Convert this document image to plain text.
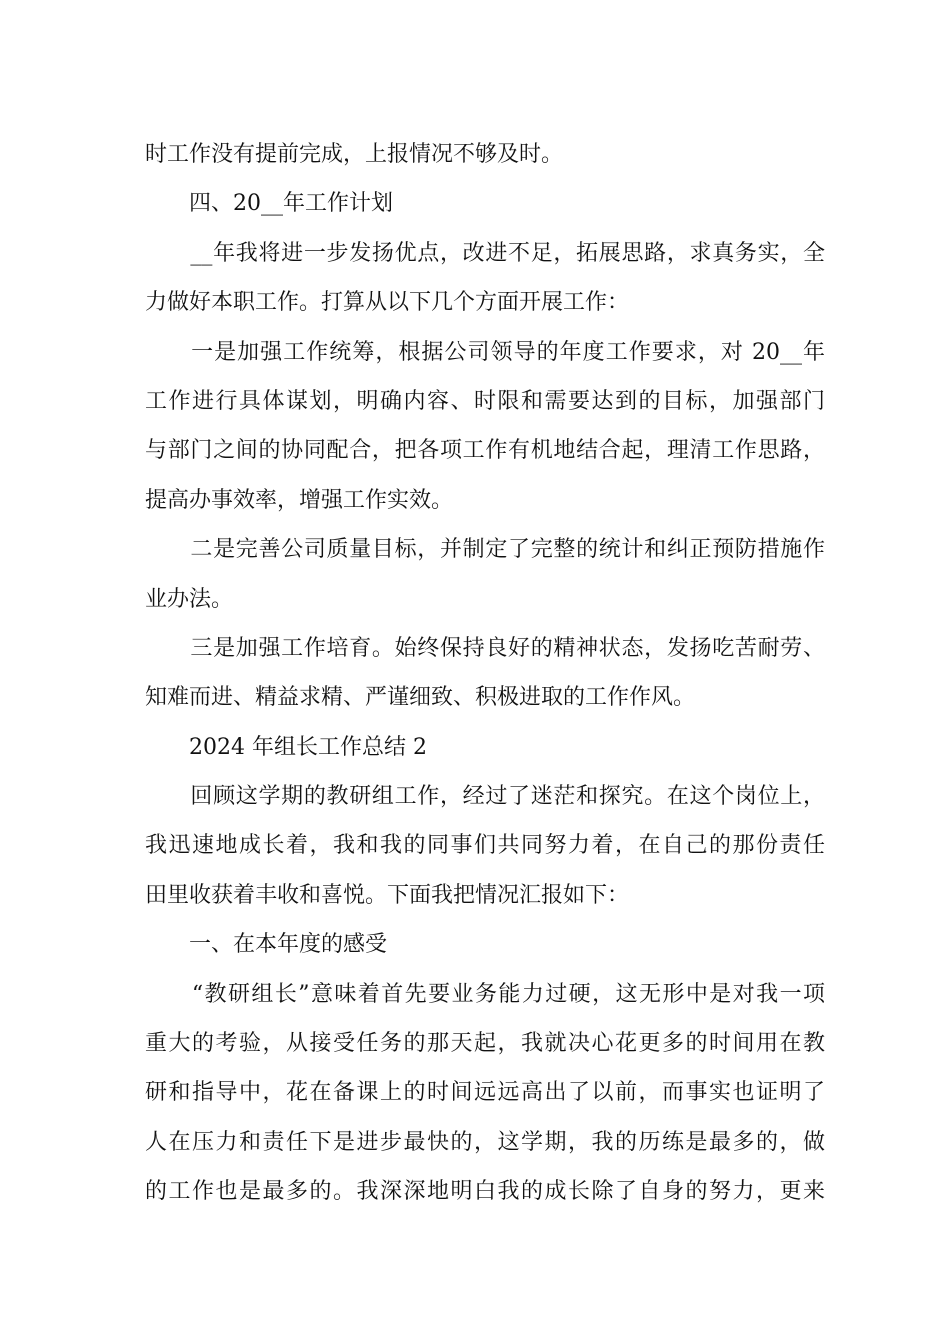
时工作没有提前完成，上报情况不够及时。
　　四、20__年工作计划
　　__年我将进一步发扬优点，改进不足，拓展思路，求真务实，全
力做好本职工作。打算从以下几个方面开展工作：
　　一是加强工作统筹，根据公司领导的年度工作要求，对 20__年
工作进行具体谋划，明确内容、时限和需要达到的目标，加强部门
与部门之间的协同配合，把各项工作有机地结合起，理清工作思路，
提高办事效率，增强工作实效。
　　二是完善公司质量目标，并制定了完整的统计和纠正预防措施作
业办法。
　　三是加强工作培育。始终保持良好的精神状态，发扬吃苦耐劳、
知难而进、精益求精、严谨细致、积极进取的工作作风。
　　2024 年组长工作总结 2
　　回顾这学期的教研组工作，经过了迷茫和探究。在这个岗位上，
我迅速地成长着，我和我的同事们共同努力着，在自己的那份责任
田里收获着丰收和喜悦。下面我把情况汇报如下：
　　一、在本年度的感受
　　“教研组长”意味着首先要业务能力过硬，这无形中是对我一项
重大的考验，从接受任务的那天起，我就决心花更多的时间用在教
研和指导中，花在备课上的时间远远高出了以前，而事实也证明了
人在压力和责任下是进步最快的，这学期，我的历练是最多的，做
的工作也是最多的。我深深地明白我的成长除了自身的努力，更来
